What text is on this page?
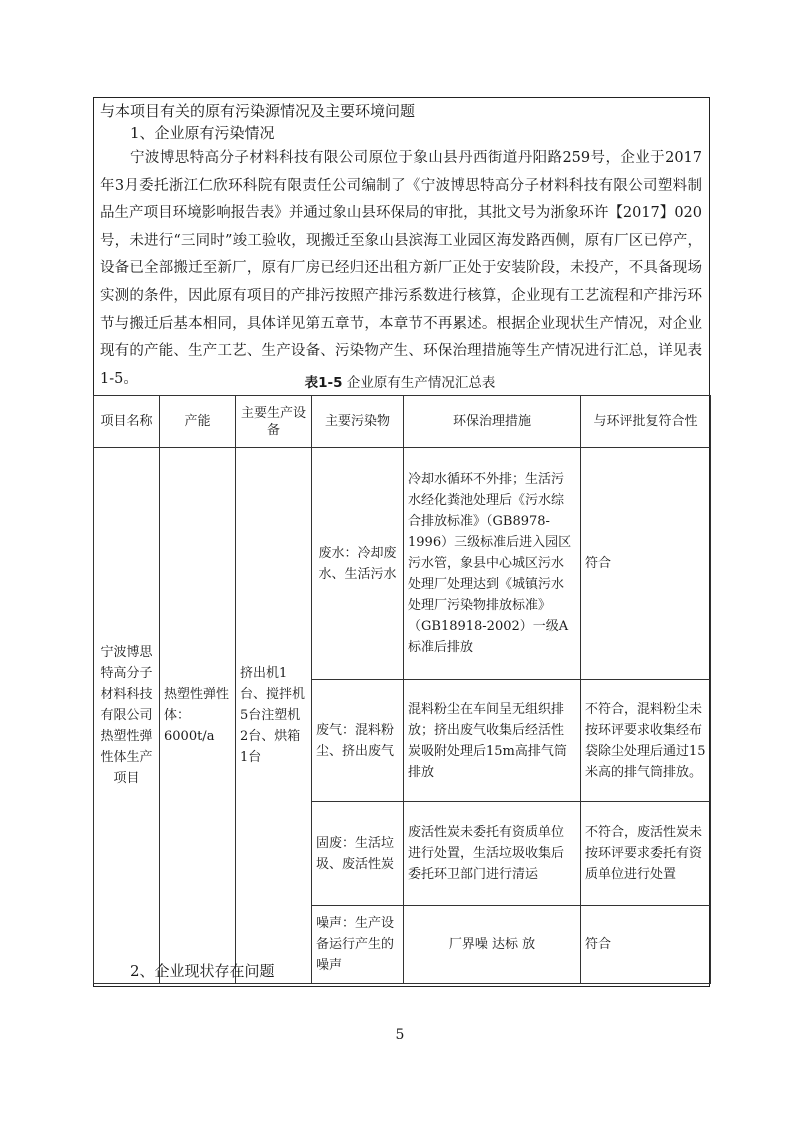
与本项目有关的原有污染源情况及主要环境问题
1、企业原有污染情况

宁波博思特高分子材料科技有限公司原位于象山县丹西街道丹阳路259号，企业于2017年3月委托浙江仁欣环科院有限责任公司编制了《宁波博思特高分子材料科技有限公司塑料制品生产项目环境影响报告表》并通过象山县环保局的审批，其批文号为浙象环许【2017】020号，未进行“三同时”竣工验收，现搬迁至象山县滨海工业园区海发路西侧，原有厂区已停产，设备已全部搬迁至新厂，原有厂房已经归还出租方新厂正处于安装阶段，未投产，不具备现场实测的条件，因此原有项目的产排污按照产排污系数进行核算，企业现有工艺流程和产排污环节与搬迁后基本相同，具体详见第五章节，本章节不再累述。根据企业现状生产情况，对企业现有的产能、生产工艺、生产设备、污染物产生、环保治理措施等生产情况进行汇总，详见表1-5。	表1-5 企业原有生产情况汇总表
项目名称	产能	主要生产设备	主要污染物	环保治理措施	与环评批复符合性
宁波博思特高分子材料科技有限公司热塑性弹性体生产项目	热塑性弹性体：6000t/a	挤出机1台、搅拌机5台注塑机2台、烘箱1台	废水：冷却废水、生活污水	冷却水循环不外排；生活污水经化粪池处理后《污水综合排放标准》（GB8978-1996）三级标准后进入园区污水管，象县中心城区污水处理厂处理达到《城镇污水处理厂污染物排放标准》（GB18918-2002）一级A标准后排放	符合
			废气：混料粉尘、挤出废气	混料粉尘在车间呈无组织排放；挤出废气收集后经活性炭吸附处理后15m高排气筒排放	不符合，混料粉尘未按环评要求收集经布袋除尘处理后通过15米高的排气筒排放。
			固废：生活垃圾、废活性炭	废活性炭未委托有资质单位进行处置，生活垃圾收集后委托环卫部门进行清运	不符合，废活性炭未按环评要求委托有资质单位进行处置
			噪声：生产设备运行产生的噪声	厂界噪 达标 放	符合
2、企业现状存在问题
5
